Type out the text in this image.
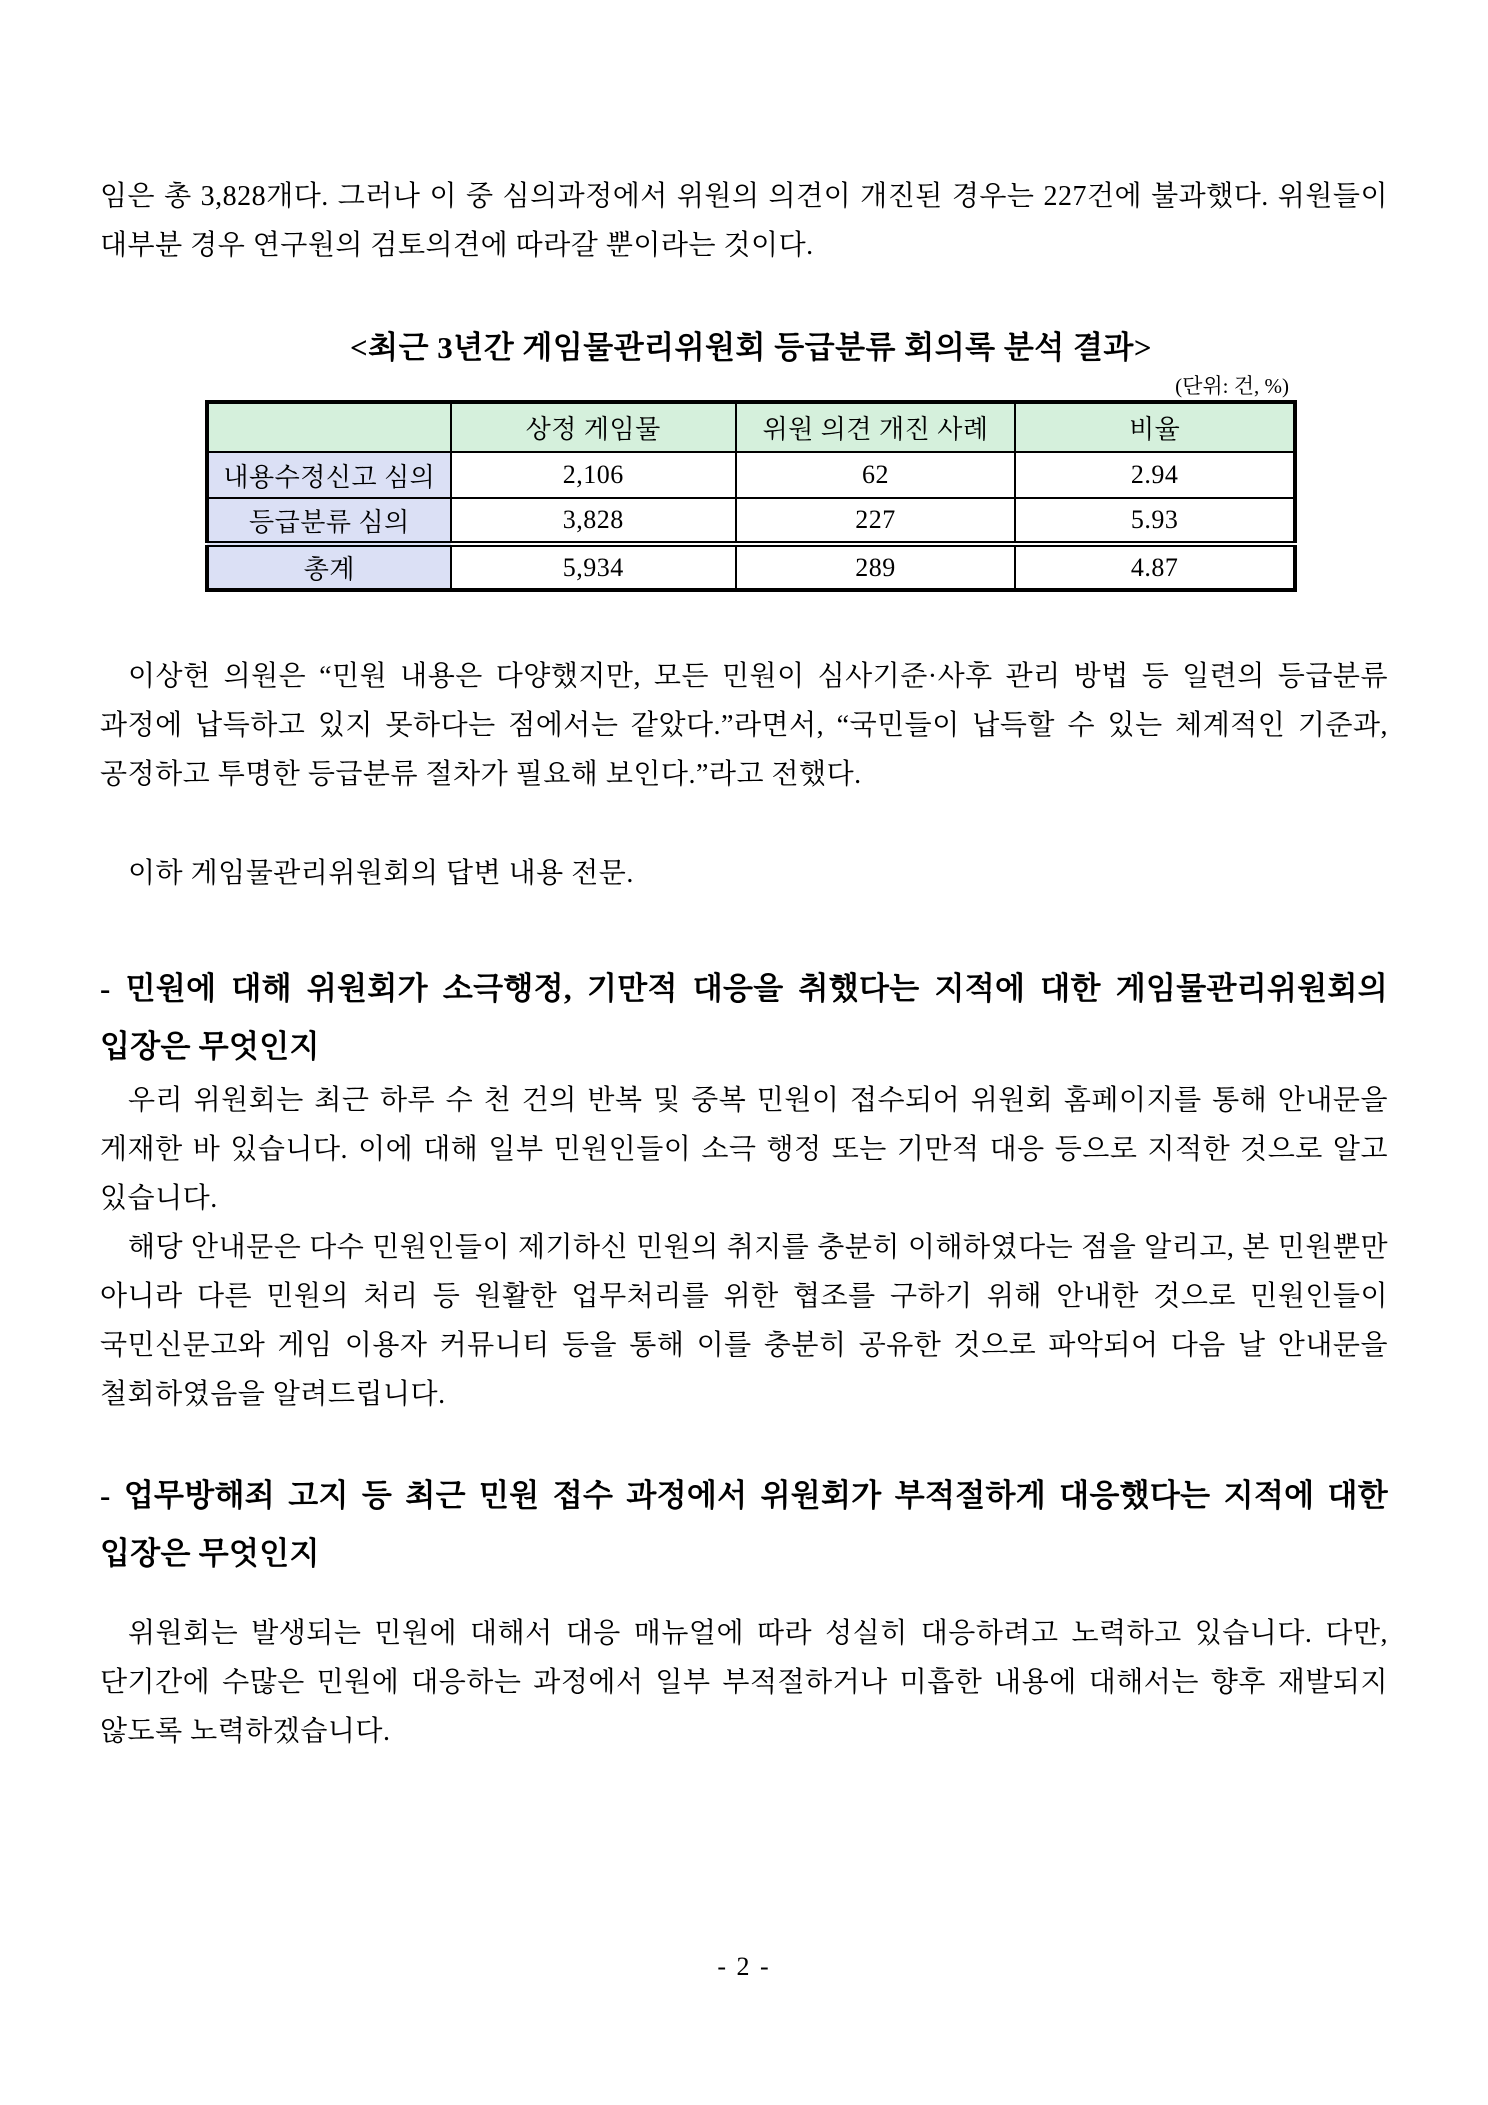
임은 총 3,828개다. 그러나 이 중 심의과정에서 위원의 의견이 개진된 경우는 227건에 불과했다. 위원들이 대부분 경우 연구원의 검토의견에 따라갈 뿐이라는 것이다.

<최근 3년간 게임물관리위원회 등급분류 회의록 분석 결과>
(단위: 건, %)
	상정 게임물	위원 의견 개진 사례	비율
내용수정신고 심의	2,106	62	2.94
등급분류 심의	3,828	227	5.93
총계	5,934	289	4.87

이상헌 의원은 “민원 내용은 다양했지만, 모든 민원이 심사기준·사후 관리 방법 등 일련의 등급분류 과정에 납득하고 있지 못하다는 점에서는 같았다.”라면서, “국민들이 납득할 수 있는 체계적인 기준과, 공정하고 투명한 등급분류 절차가 필요해 보인다.”라고 전했다.

이하 게임물관리위원회의 답변 내용 전문.

- 민원에 대해 위원회가 소극행정, 기만적 대응을 취했다는 지적에 대한 게임물관리위원회의 입장은 무엇인지

우리 위원회는 최근 하루 수 천 건의 반복 및 중복 민원이 접수되어 위원회 홈페이지를 통해 안내문을 게재한 바 있습니다. 이에 대해 일부 민원인들이 소극 행정 또는 기만적 대응 등으로 지적한 것으로 알고 있습니다.

해당 안내문은 다수 민원인들이 제기하신 민원의 취지를 충분히 이해하였다는 점을 알리고, 본 민원뿐만 아니라 다른 민원의 처리 등 원활한 업무처리를 위한 협조를 구하기 위해 안내한 것으로 민원인들이 국민신문고와 게임 이용자 커뮤니티 등을 통해 이를 충분히 공유한 것으로 파악되어 다음 날 안내문을 철회하였음을 알려드립니다.

- 업무방해죄 고지 등 최근 민원 접수 과정에서 위원회가 부적절하게 대응했다는 지적에 대한 입장은 무엇인지

위원회는 발생되는 민원에 대해서 대응 매뉴얼에 따라 성실히 대응하려고 노력하고 있습니다. 다만, 단기간에 수많은 민원에 대응하는 과정에서 일부 부적절하거나 미흡한 내용에 대해서는 향후 재발되지 않도록 노력하겠습니다.

- 2 -
